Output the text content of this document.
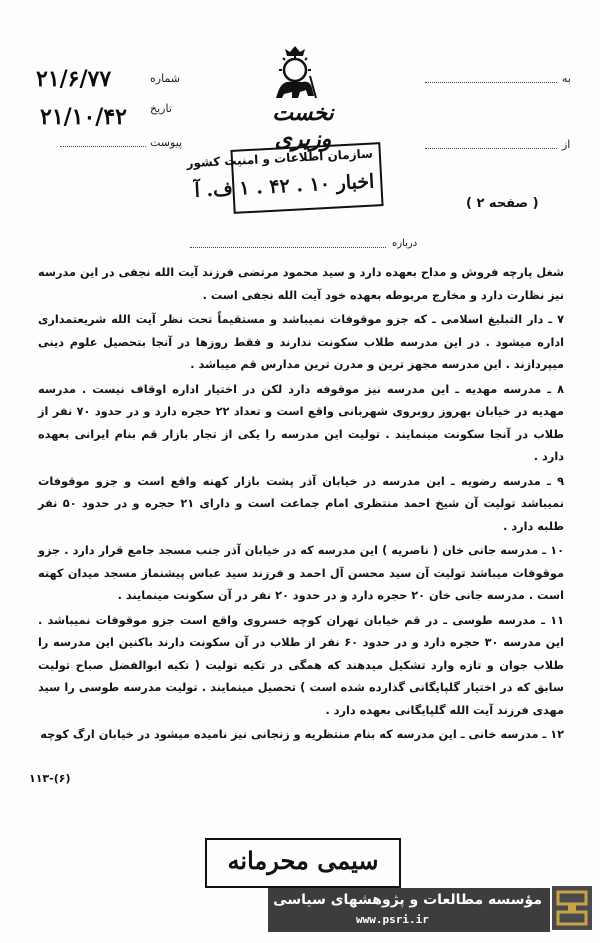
۲۱/۶/۷۷	شماره
۲۱/۱۰/۴۲ تاریخ
پیوست
به
از
نخست وزیری
سازمان اطلاعات و امنیت کشور
اخبار ۱۰ . ۴۲ . ۱ ف. آ
( صفحه ۲ )
درباره

شغل پارچه فروش و مداح بعهده دارد و سید محمود مرتضی فرزند آیت الله نجفی در این مدرسه نیز نظارت دارد و مخارج مربوطه بعهده خود آیت الله نجفی است .

۷ ـ دار التبلیغ اسلامی ـ که جزو موقوفات نمیباشد و مستقیماً تحت نظر آیت الله شریعتمداری اداره میشود . در این مدرسه طلاب سکونت ندارند و فقط روزها در آنجا بتحصیل علوم دینی میپردازند . این مدرسه مجهز ترین و مدرن ترین مدارس قم میباشد .

۸ ـ مدرسه مهدیه ـ این مدرسه نیز موقوفه دارد لکن در اختیار اداره اوقاف نیست . مدرسه مهدیه در خیابان بهروز روبروی شهربانی واقع است و تعداد ۲۲ حجره دارد و در حدود ۷۰ نفر از طلاب در آنجا سکونت مینمایند . تولیت این مدرسه را یکی از تجار بازار قم بنام ایرانی بعهده دارد .

۹ ـ مدرسه رضویه ـ این مدرسه در خیابان آذر پشت بازار کهنه واقع است و جزو موقوفات نمیباشد تولیت آن شیخ احمد منتظری امام جماعت است و دارای ۲۱ حجره و در حدود ۵۰ نفر طلبه دارد .

۱۰ ـ مدرسه جانی خان ( ناصریه ) این مدرسه که در خیابان آذر جنب مسجد جامع قرار دارد . جزو موقوفات میباشد تولیت آن سید محسن آل احمد و فرزند سید عباس پیشنماز مسجد میدان کهنه است . مدرسه جانی خان ۲۰ حجره دارد و در حدود ۲۰ نفر در آن سکونت مینمایند .

۱۱ ـ مدرسه طوسی ـ در قم خیابان تهران کوچه خسروی واقع است جزو موقوفات نمیباشد . این مدرسه ۳۰ حجره دارد و در حدود ۶۰ نفر از طلاب در آن سکونت دارند باکنین این مدرسه را طلاب جوان و تازه وارد تشکیل میدهند که همگی در تکیه تولیت ( تکیه ابوالفضل صباح تولیت سابق که در اختیار گلپایگانی گذارده شده است ) تحصیل مینمایند . تولیت مدرسه طوسی را سید مهدی فرزند آیت الله گلپایگانی بعهده دارد .

۱۲ ـ مدرسه خانی ـ این مدرسه که بنام منتظریه و زنجانی نیز نامیده میشود در خیابان ارگ کوچه

۱۱۳-(۶)
سیمی محرمانه
مؤسسه مطالعات و پژوهشهای سیاسی
www.psri.ir
